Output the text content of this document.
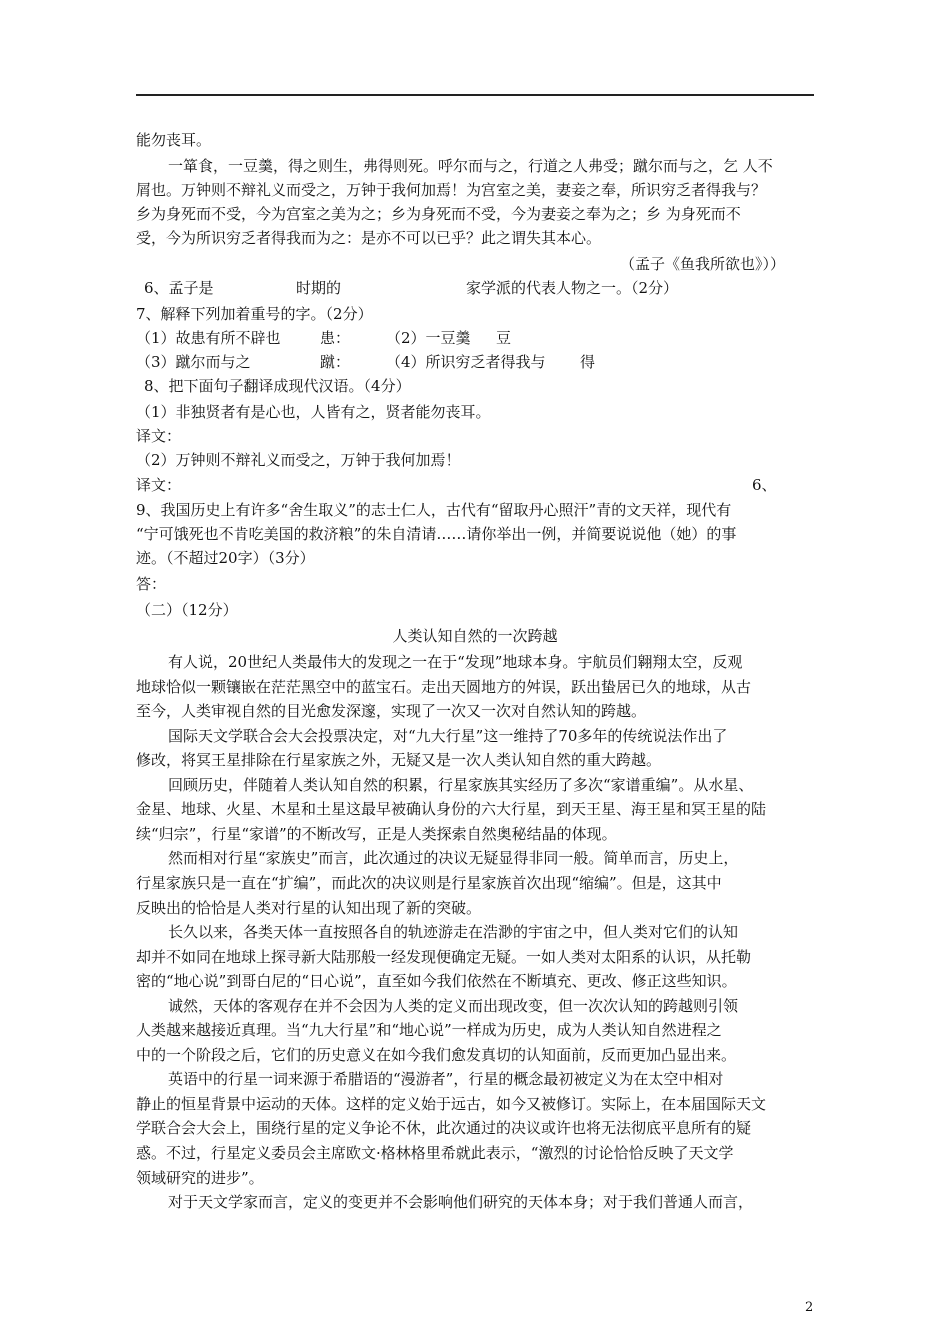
能勿丧耳。
一箪食，一豆羹，得之则生，弗得则死。呼尔而与之，行道之人弗受；蹴尔而与之，乞 人不
屑也。万钟则不辩礼义而受之，万钟于我何加焉！为宫室之美，妻妾之奉，所识穷乏者得我与？
乡为身死而不受，今为宫室之美为之；乡为身死而不受，今为妻妾之奉为之；乡 为身死而不
受，今为所识穷乏者得我而为之：是亦不可以已乎？此之谓失其本心。
（孟子《鱼我所欲也》））
6、孟子是	时期的	家学派的代表人物之一。（2分）
7、解释下列加着重号的字。（2分）
（1）故患有所不辟也	患： （2）一豆羹 豆
（3）蹴尔而与之	蹴： （4）所识穷乏者得我与 得
8、把下面句子翻译成现代汉语。（4分）
（1）非独贤者有是心也，人皆有之，贤者能勿丧耳。
译文：
（2）万钟则不辩礼义而受之，万钟于我何加焉！
译文：	6、
9、我国历史上有许多“舍生取义”的志士仁人，古代有“留取丹心照汗”青的文天祥，现代有
“宁可饿死也不肯吃美国的救济粮”的朱自清请……请你举出一例，并简要说说他（她）的事
迹。（不超过20字）（3分）
答：
（二）（12分）
人类认知自然的一次跨越
有人说，20世纪人类最伟大的发现之一在于“发现”地球本身。宇航员们翱翔太空，反观
地球恰似一颗镶嵌在茫茫黑空中的蓝宝石。走出天圆地方的舛误，跃出蛰居已久的地球，从古
至今，人类审视自然的目光愈发深邃，实现了一次又一次对自然认知的跨越。
国际天文学联合会大会投票决定，对“九大行星”这一维持了70多年的传统说法作出了
修改，将冥王星排除在行星家族之外，无疑又是一次人类认知自然的重大跨越。
回顾历史，伴随着人类认知自然的积累，行星家族其实经历了多次“家谱重编”。从水星、
金星、地球、火星、木星和土星这最早被确认身份的六大行星，到天王星、海王星和冥王星的陆
续“归宗”，行星“家谱”的不断改写，正是人类探索自然奥秘结晶的体现。
然而相对行星“家族史”而言，此次通过的决议无疑显得非同一般。简单而言，历史上，
行星家族只是一直在“扩编”，而此次的决议则是行星家族首次出现“缩编”。但是，这其中
反映出的恰恰是人类对行星的认知出现了新的突破。
长久以来，各类天体一直按照各自的轨迹游走在浩渺的宇宙之中，但人类对它们的认知
却并不如同在地球上探寻新大陆那般一经发现便确定无疑。一如人类对太阳系的认识，从托勒
密的“地心说”到哥白尼的“日心说”，直至如今我们依然在不断填充、更改、修正这些知识。
诚然，天体的客观存在并不会因为人类的定义而出现改变，但一次次认知的跨越则引领
人类越来越接近真理。当“九大行星”和“地心说”一样成为历史，成为人类认知自然进程之
中的一个阶段之后，它们的历史意义在如今我们愈发真切的认知面前，反而更加凸显出来。
英语中的行星一词来源于希腊语的“漫游者”，行星的概念最初被定义为在太空中相对
静止的恒星背景中运动的天体。这样的定义始于远古，如今又被修订。实际上，在本届国际天文
学联合会大会上，围绕行星的定义争论不休，此次通过的决议或许也将无法彻底平息所有的疑
惑。不过，行星定义委员会主席欧文·格林格里希就此表示，“激烈的讨论恰恰反映了天文学
领域研究的进步”。
对于天文学家而言，定义的变更并不会影响他们研究的天体本身；对于我们普通人而言，
2
